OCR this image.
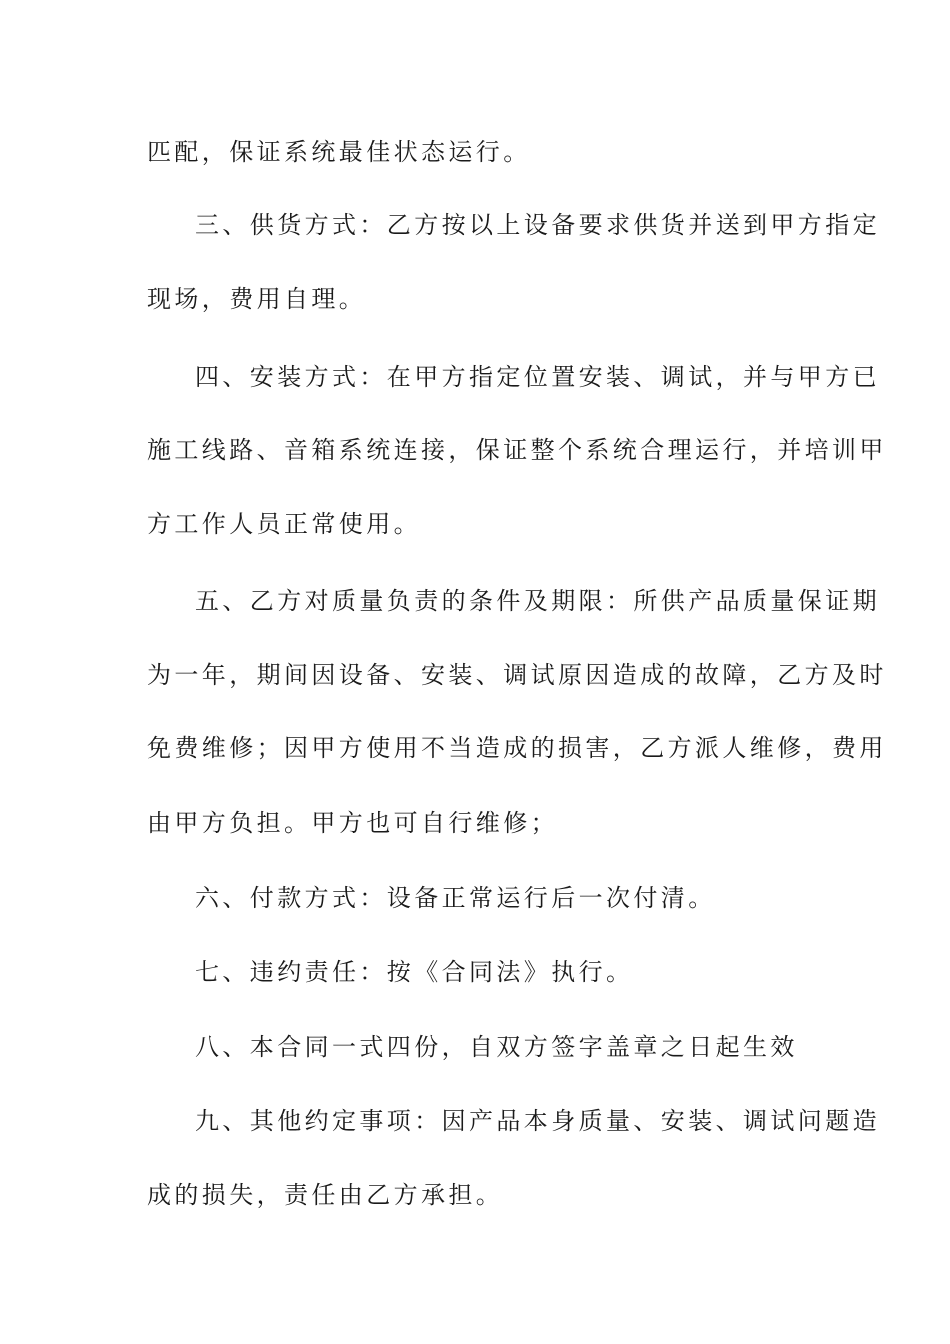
匹配，保证系统最佳状态运行。
三、供货方式：乙方按以上设备要求供货并送到甲方指定
现场，费用自理。
四、安装方式：在甲方指定位置安装、调试，并与甲方已
施工线路、音箱系统连接，保证整个系统合理运行，并培训甲
方工作人员正常使用。
五、乙方对质量负责的条件及期限：所供产品质量保证期
为一年，期间因设备、安装、调试原因造成的故障，乙方及时
免费维修；因甲方使用不当造成的损害，乙方派人维修，费用
由甲方负担。甲方也可自行维修；
六、付款方式：设备正常运行后一次付清。
七、违约责任：按《合同法》执行。
八、本合同一式四份，自双方签字盖章之日起生效
九、其他约定事项：因产品本身质量、安装、调试问题造
成的损失，责任由乙方承担。
